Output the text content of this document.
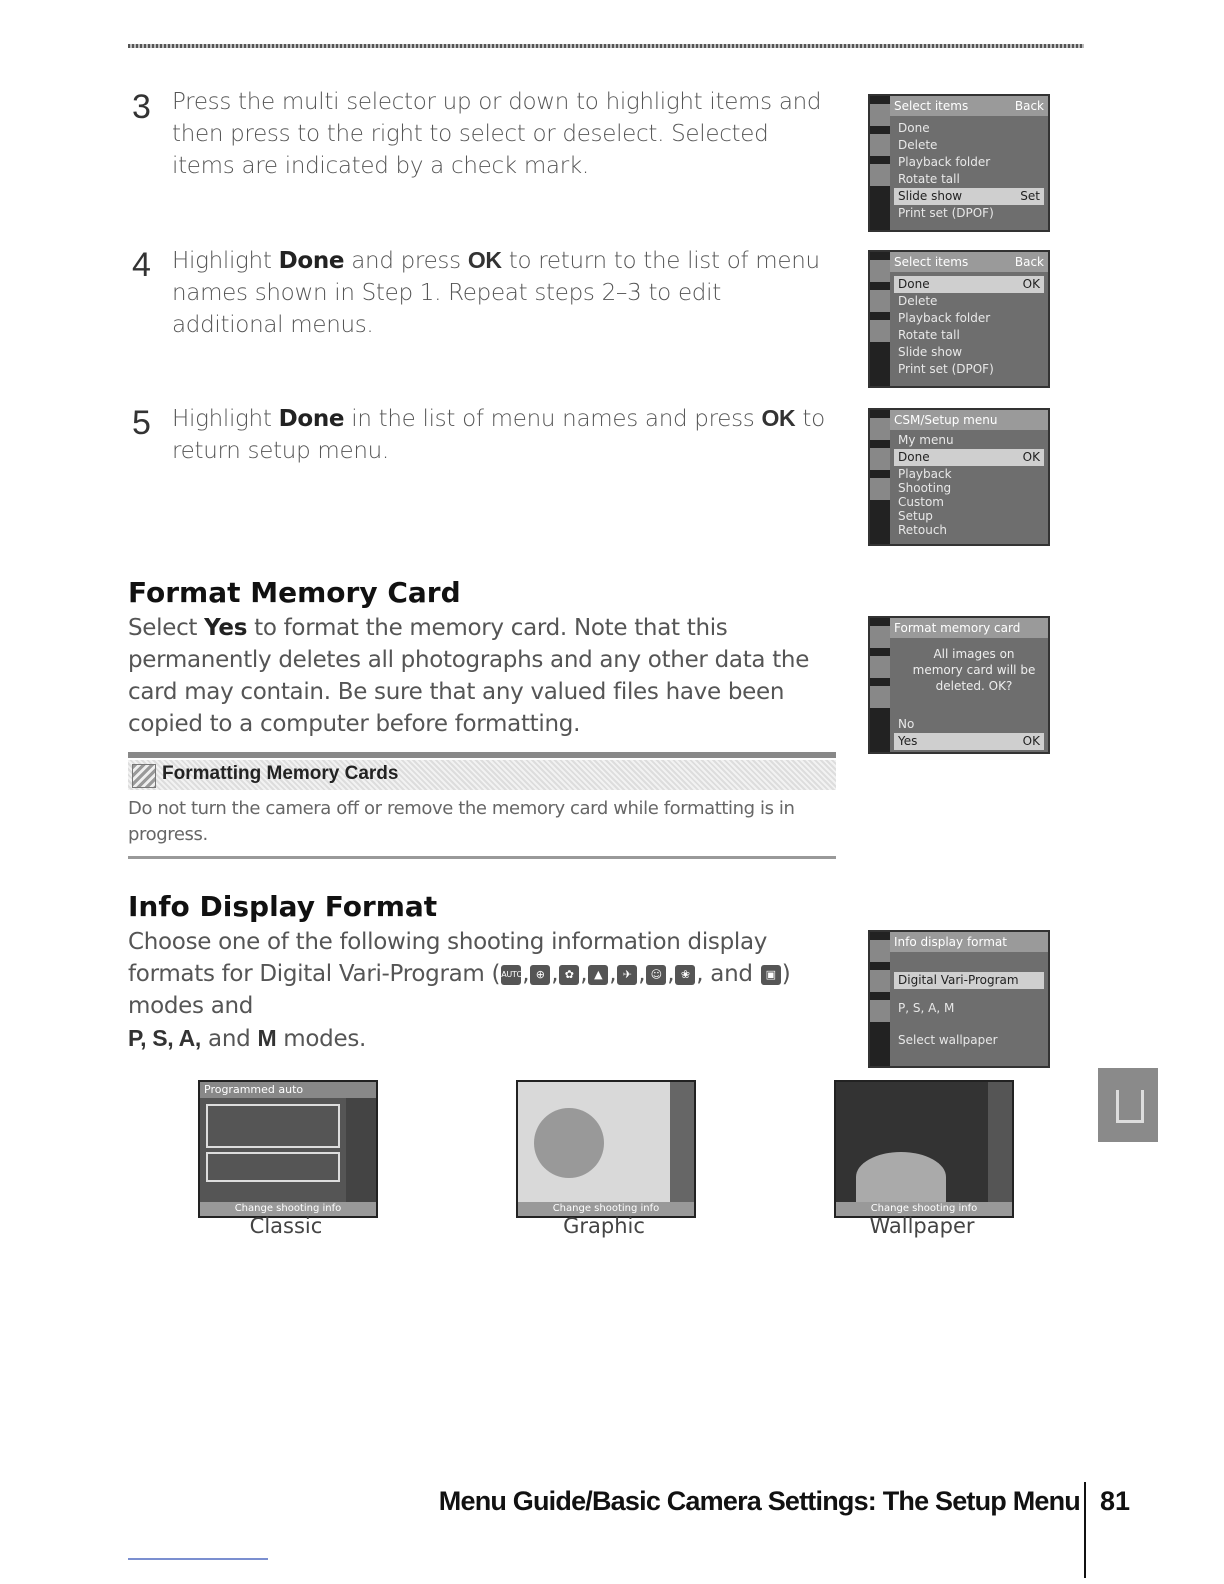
3 Press the multi selector up or down to highlight items and then press to the right to select or deselect. Selected items are indicated by a check mark.
4 Highlight Done and press OK to return to the list of menu names shown in Step 1. Repeat steps 2–3 to edit additional menus.
5 Highlight Done in the list of menu names and press OK to return setup menu.
Select items	Back
Done
Delete
Playback folder
Rotate tall
Slide show	Set
Print set (DPOF)
Select items	Back
Done	OK
Delete
Playback folder
Rotate tall
Slide show
Print set (DPOF)
CSM/Setup menu
My menu
Done	OK
Playback
Shooting
Custom
Setup
Retouch
Format Memory Card
Select Yes to format the memory card. Note that this permanently deletes all photographs and any other data the card may contain. Be sure that any valued files have been copied to a computer before formatting.
Format memory card
All images on memory card will be deleted. OK?
No
Yes	OK
Formatting Memory Cards
Do not turn the camera off or remove the memory card while formatting is in progress.
Info Display Format
Choose one of the following shooting information display formats for Digital Vari-Program (AUTO, ⊕ , ✿ , ▲ , ✈ , ☺ , ❀ , and ▣ ) modes and
P, S, A, and M modes.
Info display format
Digital Vari-Program
P, S, A, M
Select wallpaper
Programmed auto
Change shooting info
Classic
Change shooting info
Graphic
Change shooting info
Wallpaper
Menu Guide/Basic Camera Settings: The Setup Menu 81
